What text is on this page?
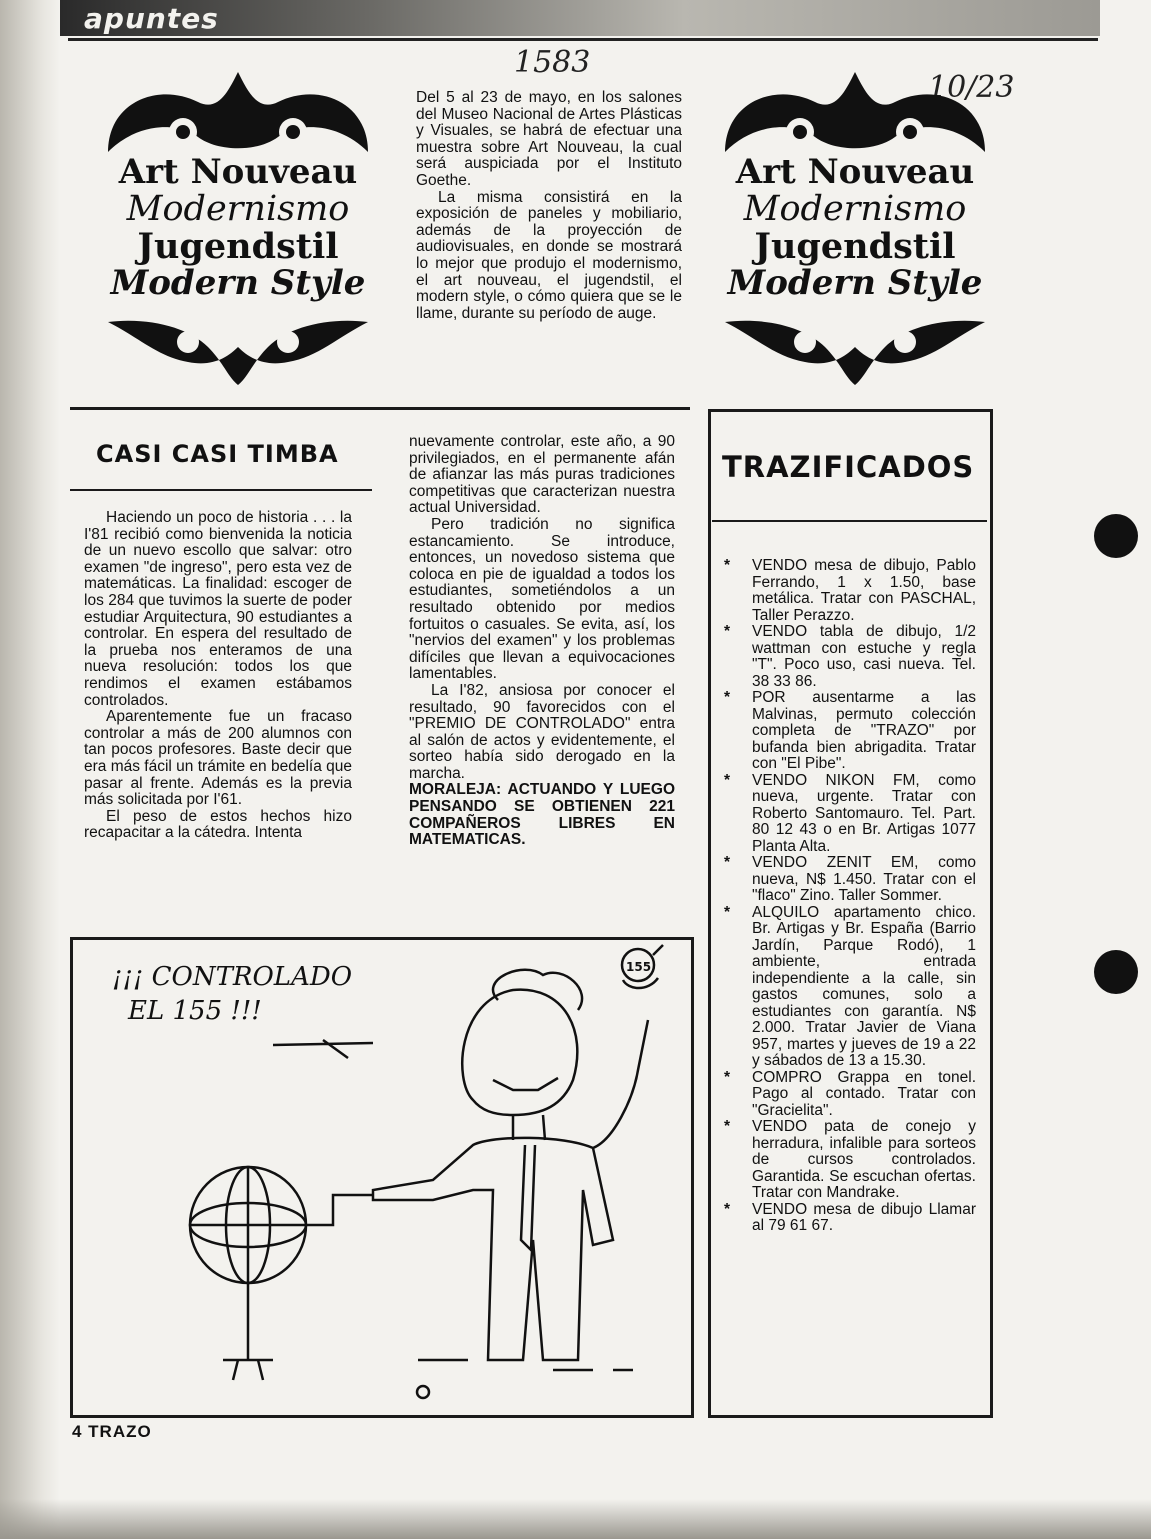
apuntes
1583
10/23
Art Nouveau
Modernismo
Jugendstil
Modern Style
Art Nouveau
Modernismo
Jugendstil
Modern Style

Del 5 al 23 de mayo, en los salones del Museo Nacional de Artes Plásticas y Visuales, se habrá de efectuar una muestra sobre Art Nouveau, la cual será auspiciada por el Instituto Goethe.

La misma consistirá en la exposición de paneles y mobiliario, además de la proyección de audiovisuales, en donde se mostrará lo mejor que produjo el modernismo, el art nouveau, el jugendstil, el modern style, o cómo quiera que se le llame, durante su período de auge.

CASI CASI TIMBA

Haciendo un poco de historia . . . la I'81 recibió como bienvenida la noticia de un nuevo escollo que salvar: otro examen "de ingreso", pero esta vez de matemáticas. La finalidad: escoger de los 284 que tuvimos la suerte de poder estudiar Arquitectura, 90 estudiantes a controlar. En espera del resultado de la prueba nos enteramos de una nueva resolución: todos los que rendimos el examen estábamos controlados.

Aparentemente fue un fracaso controlar a más de 200 alumnos con tan pocos profesores. Baste decir que era más fácil un trámite en bedelía que pasar al frente. Además es la previa más solicitada por I'61.

El peso de estos hechos hizo recapacitar a la cátedra. Intenta

nuevamente controlar, este año, a 90 privilegiados, en el permanente afán de afianzar las más puras tradiciones competitivas que caracterizan nuestra actual Universidad.

Pero tradición no significa estancamiento. Se introduce, entonces, un novedoso sistema que coloca en pie de igualdad a todos los estudiantes, sometiéndolos a un resultado obtenido por medios fortuitos o casuales. Se evita, así, los "nervios del examen" y los problemas difíciles que llevan a equivocaciones lamentables.

La I'82, ansiosa por conocer el resultado, 90 favorecidos con el "PREMIO DE CONTROLADO" entra al salón de actos y evidentemente, el sorteo había sido derogado en la marcha.

MORALEJA: ACTUANDO Y LUEGO PENSANDO SE OBTIENEN 221 COMPAÑEROS LIBRES EN MATEMATICAS.

¡¡¡ CONTROLADO
EL 155 !!!
155
TRAZIFICADOS
* VENDO mesa de dibujo, Pablo Ferrando, 1 x 1.50, base metálica. Tratar con PASCHAL, Taller Perazzo.
* VENDO tabla de dibujo, 1/2 wattman con estuche y regla "T". Poco uso, casi nueva. Tel. 38 33 86.
* POR ausentarme a las Malvinas, permuto colección completa de "TRAZO" por bufanda bien abrigadita. Tratar con "El Pibe".
* VENDO NIKON FM, como nueva, urgente. Tratar con Roberto Santomauro. Tel. Part. 80 12 43 o en Br. Artigas 1077 Planta Alta.
* VENDO ZENIT EM, como nueva, N$ 1.450. Tratar con el "flaco" Zino. Taller Sommer.
* ALQUILO apartamento chico. Br. Artigas y Br. España (Barrio Jardín, Parque Rodó), 1 ambiente, entrada independiente a la calle, sin gastos comunes, solo a estudiantes con garantía. N$ 2.000. Tratar Javier de Viana 957, martes y jueves de 19 a 22 y sábados de 13 a 15.30.
* COMPRO Grappa en tonel. Pago al contado. Tratar con "Gracielita".
* VENDO pata de conejo y herradura, infalible para sorteos de cursos controlados. Garantida. Se escuchan ofertas. Tratar con Mandrake.
* VENDO mesa de dibujo Llamar al 79 61 67.
4 TRAZO
